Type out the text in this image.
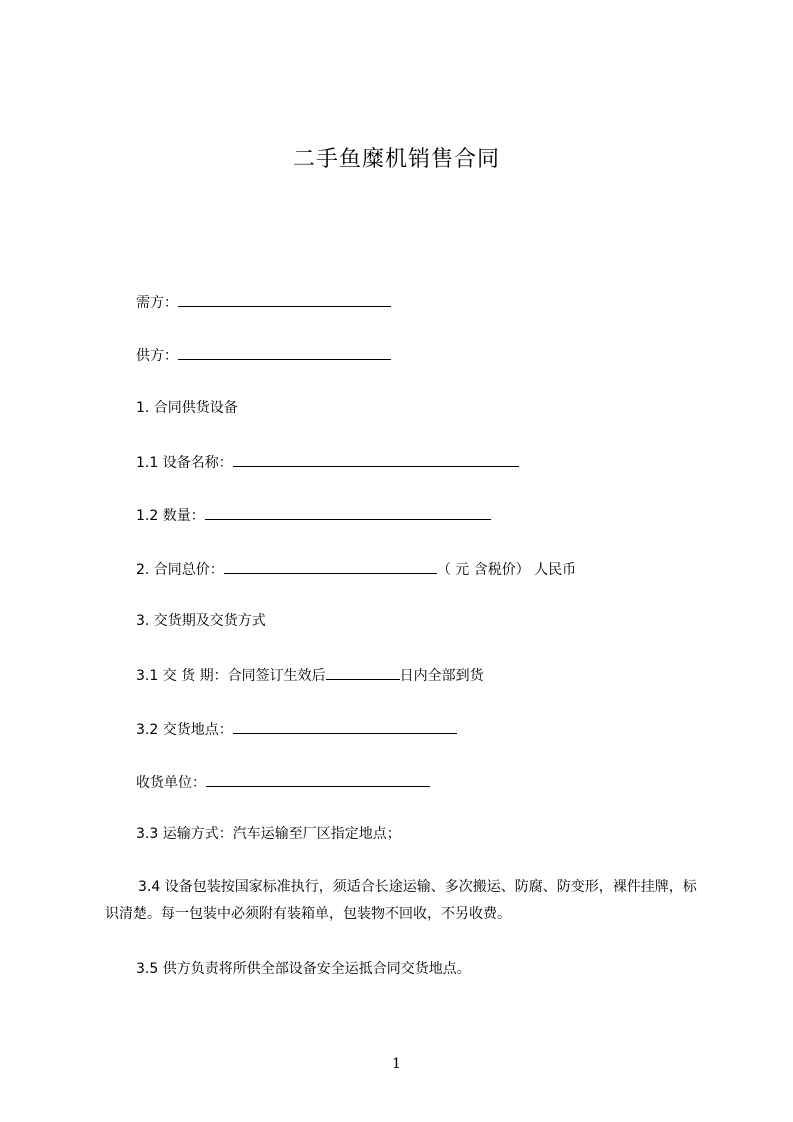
二手鱼糜机销售合同
需方：
供方：
1. 合同供货设备
1.1 设备名称：
1.2 数量：
2. 合同总价：	（ 元 含税价） 人民币
3. 交货期及交货方式
3.1 交 货 期：合同签订生效后	日内全部到货
3.2 交货地点：
收货单位：
3.3 运输方式：汽车运输至厂区指定地点；
3.4 设备包装按国家标准执行，须适合长途运输、多次搬运、防腐、防变形，裸件挂牌，标识清楚。每一包装中必须附有装箱单，包装物不回收，不另收费。
3.5 供方负责将所供全部设备安全运抵合同交货地点。
1
